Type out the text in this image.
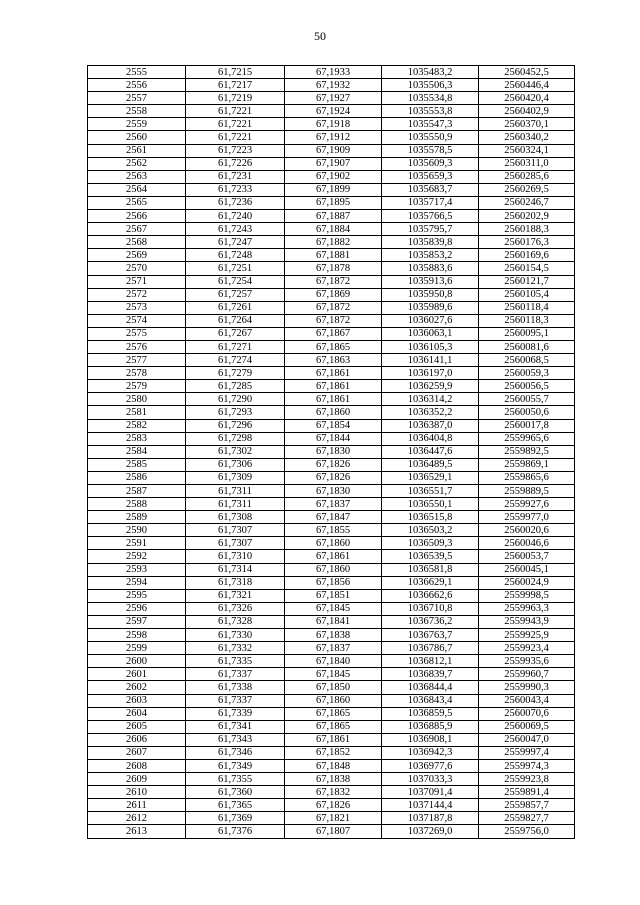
50
2555	61,7215	67,1933	1035483,2	2560452,5
2556	61,7217	67,1932	1035506,3	2560446,4
2557	61,7219	67,1927	1035534,8	2560420,4
2558	61,7221	67,1924	1035553,8	2560402,9
2559	61,7221	67,1918	1035547,3	2560370,1
2560	61,7221	67,1912	1035550,9	2560340,2
2561	61,7223	67,1909	1035578,5	2560324,1
2562	61,7226	67,1907	1035609,3	2560311,0
2563	61,7231	67,1902	1035659,3	2560285,6
2564	61,7233	67,1899	1035683,7	2560269,5
2565	61,7236	67,1895	1035717,4	2560246,7
2566	61,7240	67,1887	1035766,5	2560202,9
2567	61,7243	67,1884	1035795,7	2560188,3
2568	61,7247	67,1882	1035839,8	2560176,3
2569	61,7248	67,1881	1035853,2	2560169,6
2570	61,7251	67,1878	1035883,6	2560154,5
2571	61,7254	67,1872	1035913,6	2560121,7
2572	61,7257	67,1869	1035950,8	2560105,4
2573	61,7261	67,1872	1035989,6	2560118,4
2574	61,7264	67,1872	1036027,6	2560118,3
2575	61,7267	67,1867	1036063,1	2560095,1
2576	61,7271	67,1865	1036105,3	2560081,6
2577	61,7274	67,1863	1036141,1	2560068,5
2578	61,7279	67,1861	1036197,0	2560059,3
2579	61,7285	67,1861	1036259,9	2560056,5
2580	61,7290	67,1861	1036314,2	2560055,7
2581	61,7293	67,1860	1036352,2	2560050,6
2582	61,7296	67,1854	1036387,0	2560017,8
2583	61,7298	67,1844	1036404,8	2559965,6
2584	61,7302	67,1830	1036447,6	2559892,5
2585	61,7306	67,1826	1036489,5	2559869,1
2586	61,7309	67,1826	1036529,1	2559865,6
2587	61,7311	67,1830	1036551,7	2559889,5
2588	61,7311	67,1837	1036550,1	2559927,6
2589	61,7308	67,1847	1036515,8	2559977,0
2590	61,7307	67,1855	1036503,2	2560020,6
2591	61,7307	67,1860	1036509,3	2560046,6
2592	61,7310	67,1861	1036539,5	2560053,7
2593	61,7314	67,1860	1036581,8	2560045,1
2594	61,7318	67,1856	1036629,1	2560024,9
2595	61,7321	67,1851	1036662,6	2559998,5
2596	61,7326	67,1845	1036710,8	2559963,3
2597	61,7328	67,1841	1036736,2	2559943,9
2598	61,7330	67,1838	1036763,7	2559925,9
2599	61,7332	67,1837	1036786,7	2559923,4
2600	61,7335	67,1840	1036812,1	2559935,6
2601	61,7337	67,1845	1036839,7	2559960,7
2602	61,7338	67,1850	1036844,4	2559990,3
2603	61,7337	67,1860	1036843,4	2560043,4
2604	61,7339	67,1865	1036859,5	2560070,6
2605	61,7341	67,1865	1036885,9	2560069,5
2606	61,7343	67,1861	1036908,1	2560047,0
2607	61,7346	67,1852	1036942,3	2559997,4
2608	61,7349	67,1848	1036977,6	2559974,3
2609	61,7355	67,1838	1037033,3	2559923,8
2610	61,7360	67,1832	1037091,4	2559891,4
2611	61,7365	67,1826	1037144,4	2559857,7
2612	61,7369	67,1821	1037187,8	2559827,7
2613	61,7376	67,1807	1037269,0	2559756,0
